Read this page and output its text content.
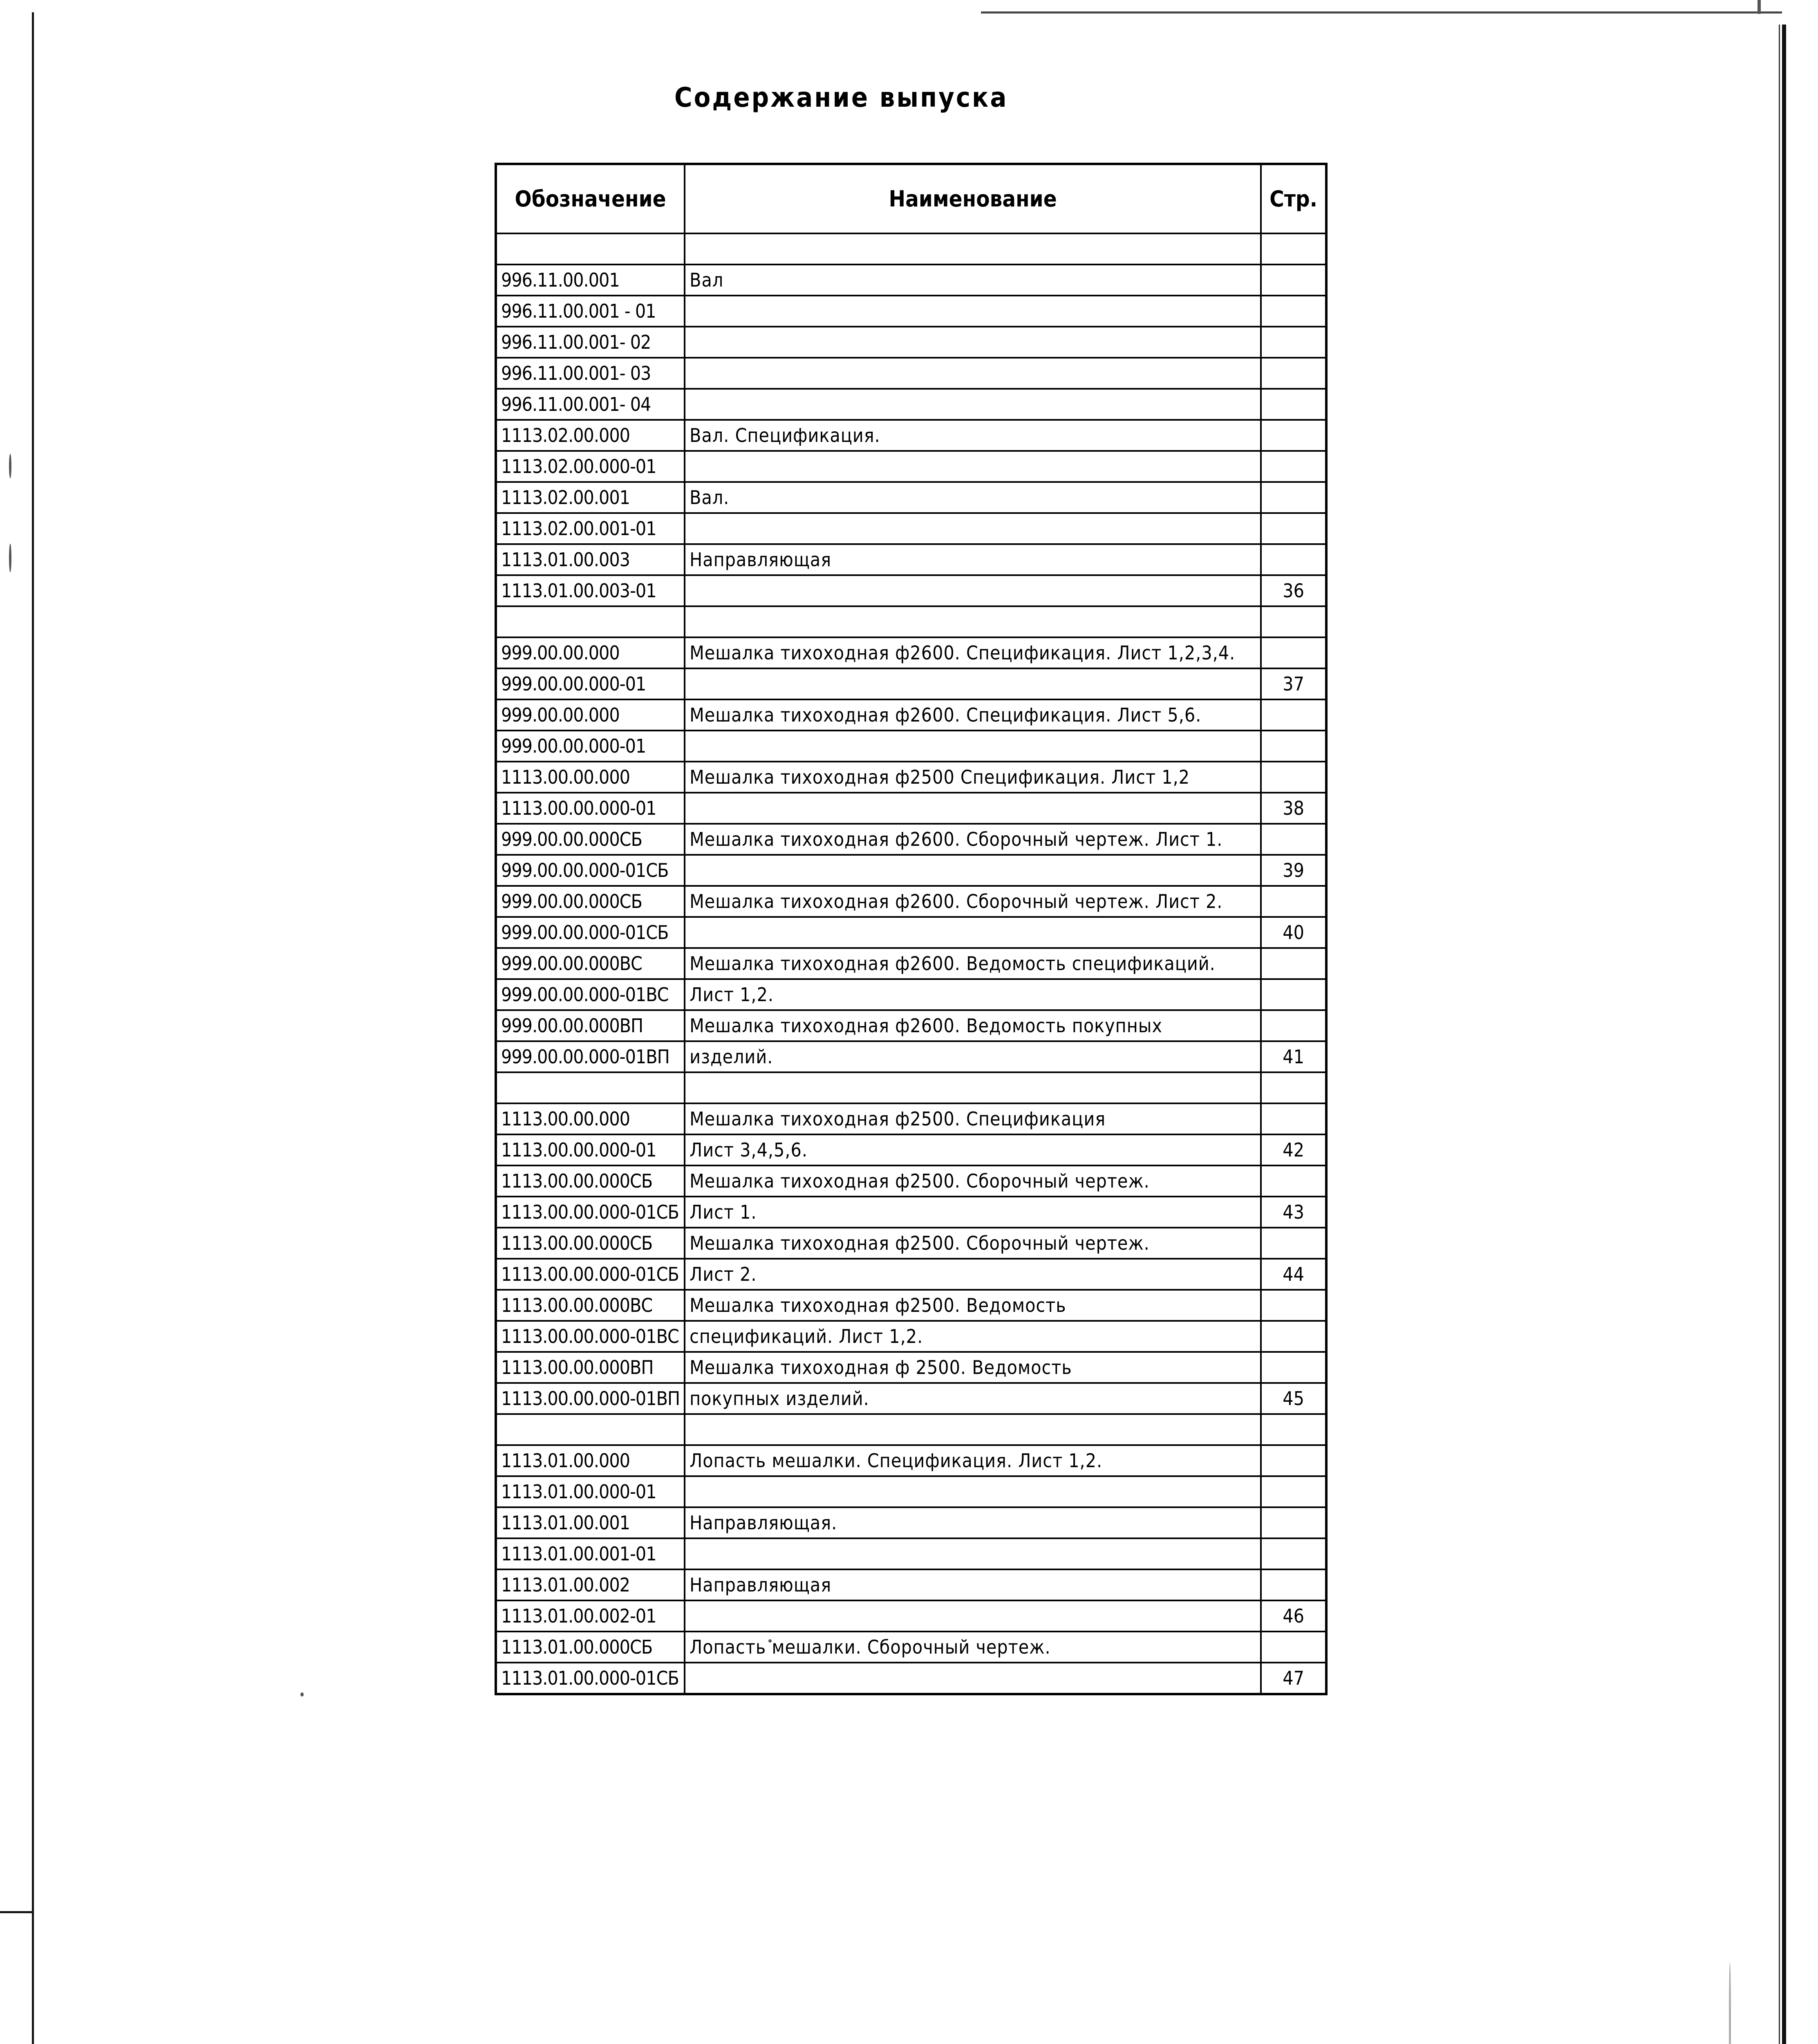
Содержание выпуска
Обозначение	Наименование	Стр.

996.11.00.001	Вал	
996.11.00.001 - 01		
996.11.00.001- 02		
996.11.00.001- 03		
996.11.00.001- 04		
1113.02.00.000	Вал. Спецификация.	
1113.02.00.000-01		
1113.02.00.001	Вал.	
1113.02.00.001-01		
1113.01.00.003	Направляющая	
1113.01.00.003-01		36

999.00.00.000	Мешалка тихоходная ф2600. Спецификация. Лист 1,2,3,4.	
999.00.00.000-01		37
999.00.00.000	Мешалка тихоходная ф2600. Спецификация. Лист 5,6.	
999.00.00.000-01		
1113.00.00.000	Мешалка тихоходная ф2500 Спецификация. Лист 1,2	
1113.00.00.000-01		38
999.00.00.000СБ	Мешалка тихоходная ф2600. Сборочный чертеж. Лист 1.	
999.00.00.000-01СБ		39
999.00.00.000СБ	Мешалка тихоходная ф2600. Сборочный чертеж. Лист 2.	
999.00.00.000-01СБ		40
999.00.00.000ВС	Мешалка тихоходная ф2600. Ведомость спецификаций.	
999.00.00.000-01ВС	Лист 1,2.	
999.00.00.000ВП	Мешалка тихоходная ф2600. Ведомость покупных	
999.00.00.000-01ВП	изделий.	41

1113.00.00.000	Мешалка тихоходная ф2500. Спецификация	
1113.00.00.000-01	Лист 3,4,5,6.	42
1113.00.00.000СБ	Мешалка тихоходная ф2500. Сборочный чертеж.	
1113.00.00.000-01СБ	Лист 1.	43
1113.00.00.000СБ	Мешалка тихоходная ф2500. Сборочный чертеж.	
1113.00.00.000-01СБ	Лист 2.	44
1113.00.00.000ВС	Мешалка тихоходная ф2500. Ведомость	
1113.00.00.000-01ВС	спецификаций. Лист 1,2.	
1113.00.00.000ВП	Мешалка тихоходная ф 2500. Ведомость	
1113.00.00.000-01ВП	покупных изделий.	45

1113.01.00.000	Лопасть мешалки. Спецификация. Лист 1,2.	
1113.01.00.000-01		
1113.01.00.001	Направляющая.	
1113.01.00.001-01		
1113.01.00.002	Направляющая	
1113.01.00.002-01		46
1113.01.00.000СБ	Лопасть мешалки. Сборочный чертеж.	
1113.01.00.000-01СБ		47
